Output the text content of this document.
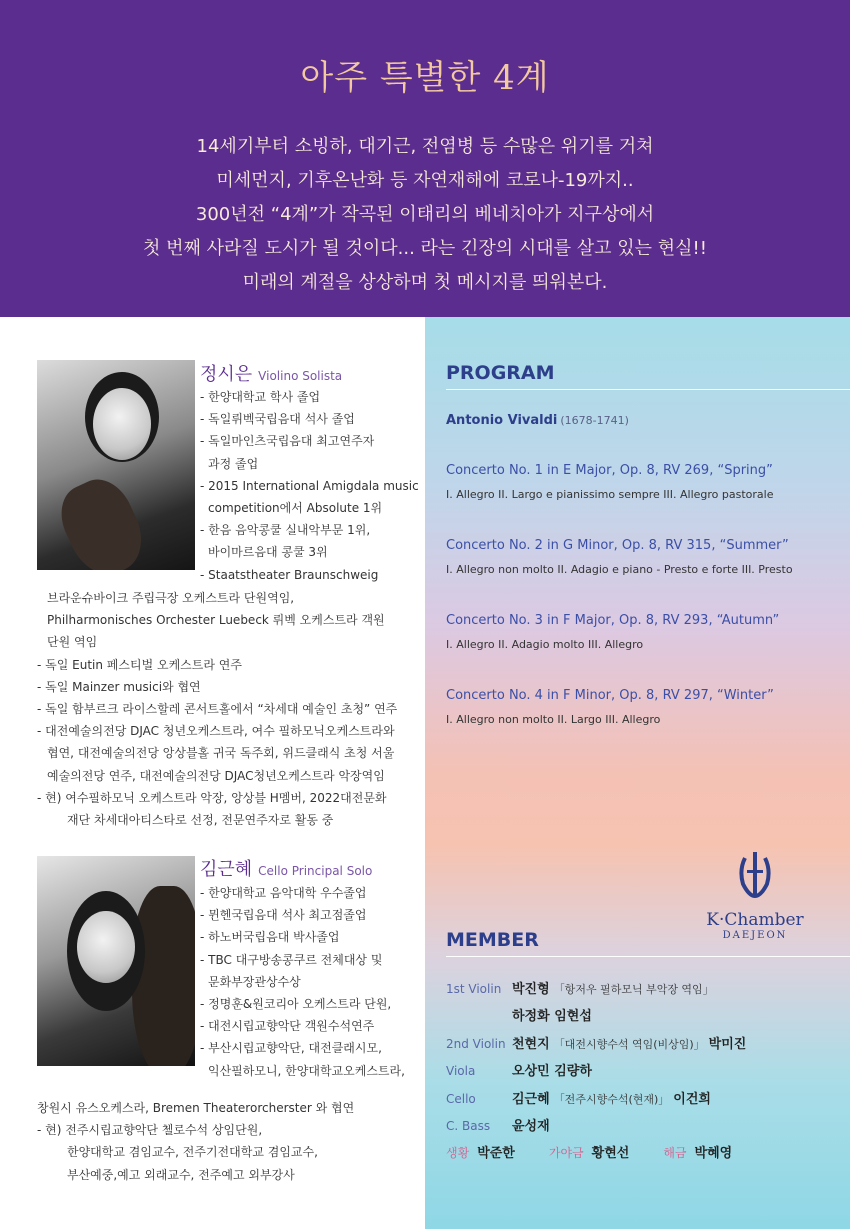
아주 특별한 4계
14세기부터 소빙하, 대기근, 전염병 등 수많은 위기를 거쳐
미세먼지, 기후온난화 등 자연재해에 코로나-19까지..
300년전 “4계”가 작곡된 이태리의 베네치아가 지구상에서
첫 번째 사라질 도시가 될 것이다... 라는 긴장의 시대를 살고 있는 현실!!
미래의 계절을 상상하며 첫 메시지를 띄워본다.
정시은 Violino Solista
- 한양대학교 학사 졸업
- 독일뤼벡국립음대 석사 졸업
- 독일마인츠국립음대 최고연주자
과정 졸업
- 2015 International Amigdala music
competition에서 Absolute 1위
- 한음 음악콩쿨 실내악부문 1위,
바이마르음대 콩쿨 3위
- Staatstheater Braunschweig
브라운슈바이크 주립극장 오케스트라 단원역임,
Philharmonisches Orchester Luebeck 뤼벡 오케스트라 객원
단원 역임
- 독일 Eutin 페스티벌 오케스트라 연주
- 독일 Mainzer musici와 협연
- 독일 함부르크 라이스할레 콘서트홀에서 “차세대 예술인 초청” 연주
- 대전예술의전당 DJAC 청년오케스트라, 여수 필하모닉오케스트라와
협연, 대전예술의전당 앙상블홀 귀국 독주회, 위드클래식 초청 서울
예술의전당 연주, 대전예술의전당 DJAC청년오케스트라 악장역임
- 현) 여수필하모닉 오케스트라 악장, 앙상블 H멤버, 2022대전문화
재단 차세대아티스타로 선정, 전문연주자로 활동 중
김근혜 Cello Principal Solo
- 한양대학교 음악대학 우수졸업
- 뮌헨국립음대 석사 최고점졸업
- 하노버국립음대 박사졸업
- TBC 대구방송콩쿠르 전체대상 및
문화부장관상수상
- 정명훈&원코리아 오케스트라 단원,
- 대전시립교향악단 객원수석연주
- 부산시립교향악단, 대전클래시모,
익산필하모니, 한양대학교오케스트라,
창원시 유스오케스라, Bremen Theaterorcherster 와 협연
- 현) 전주시립교향악단 첼로수석 상임단원,
한양대학교 겸임교수, 전주기전대학교 겸임교수,
부산예중,예고 외래교수, 전주예고 외부강사
PROGRAM
Antonio Vivaldi (1678-1741)
Concerto No. 1 in E Major, Op. 8, RV 269, “Spring”
I. Allegro II. Largo e pianissimo sempre III. Allegro pastorale
Concerto No. 2 in G Minor, Op. 8, RV 315, “Summer”
I. Allegro non molto II. Adagio e piano - Presto e forte III. Presto
Concerto No. 3 in F Major, Op. 8, RV 293, “Autumn”
I. Allegro II. Adagio molto III. Allegro
Concerto No. 4 in F Minor, Op. 8, RV 297, “Winter”
I. Allegro non molto II. Largo III. Allegro
K·Chamber
DAEJEON
MEMBER
1st Violin 박진형 「항저우 필하모닉 부악장 역임」
하정화 임현섭
2nd Violin 천현지 「대전시향수석 역임(비상임)」 박미진
Viola	오상민 김량하
Cello	김근혜 「전주시향수석(현재)」 이건희
C. Bass 윤성재
생황 박준한	가야금 황현선	해금 박혜영
